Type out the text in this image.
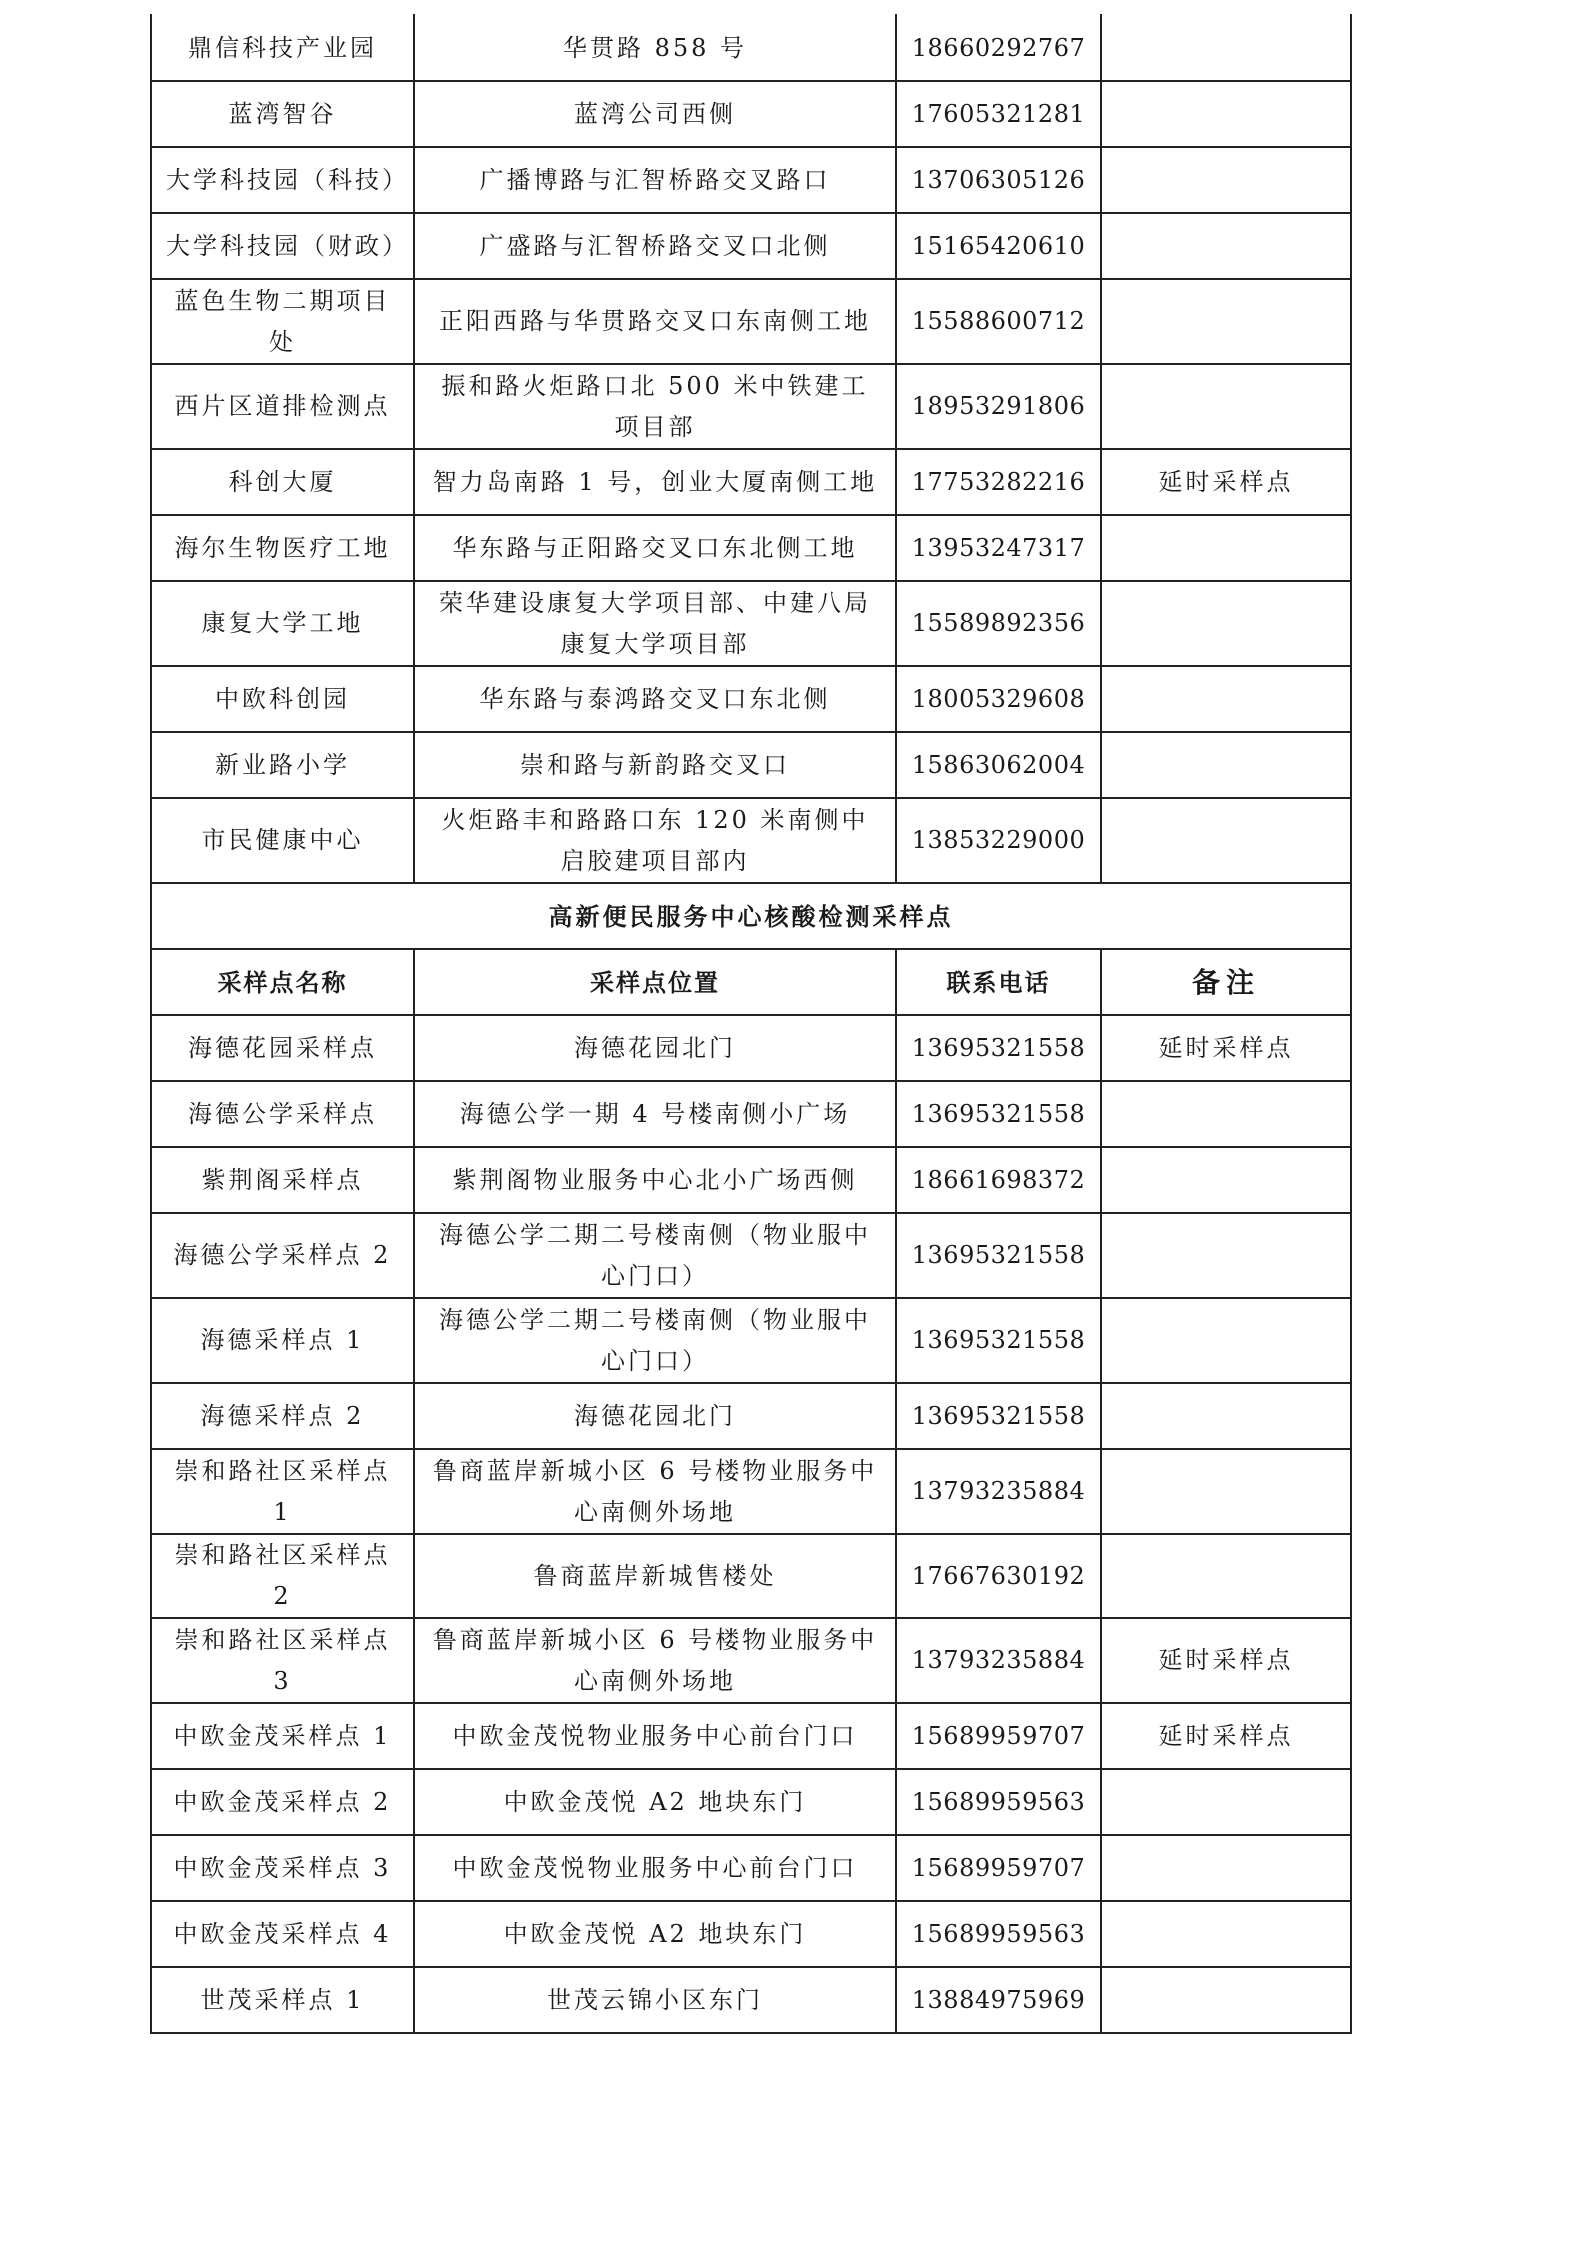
鼎信科技产业园	华贯路 858 号	18660292767	
蓝湾智谷	蓝湾公司西侧	17605321281	
大学科技园（科技）	广播博路与汇智桥路交叉路口	13706305126	
大学科技园（财政）	广盛路与汇智桥路交叉口北侧	15165420610	
蓝色生物二期项目处	正阳西路与华贯路交叉口东南侧工地	15588600712	
西片区道排检测点	振和路火炬路口北 500 米中铁建工项目部	18953291806	
科创大厦	智力岛南路 1 号，创业大厦南侧工地	17753282216	延时采样点
海尔生物医疗工地	华东路与正阳路交叉口东北侧工地	13953247317	
康复大学工地	荣华建设康复大学项目部、中建八局康复大学项目部	15589892356	
中欧科创园	华东路与泰鸿路交叉口东北侧	18005329608	
新业路小学	崇和路与新韵路交叉口	15863062004	
市民健康中心	火炬路丰和路路口东 120 米南侧中启胶建项目部内	13853229000	
高新便民服务中心核酸检测采样点			
采样点名称	采样点位置	联系电话	备注
海德花园采样点	海德花园北门	13695321558	延时采样点
海德公学采样点	海德公学一期 4 号楼南侧小广场	13695321558	
紫荆阁采样点	紫荆阁物业服务中心北小广场西侧	18661698372	
海德公学采样点 2	海德公学二期二号楼南侧（物业服中心门口）	13695321558	
海德采样点 1	海德公学二期二号楼南侧（物业服中心门口）	13695321558	
海德采样点 2	海德花园北门	13695321558	
崇和路社区采样点 1	鲁商蓝岸新城小区 6 号楼物业服务中心南侧外场地	13793235884	
崇和路社区采样点 2	鲁商蓝岸新城售楼处	17667630192	
崇和路社区采样点 3	鲁商蓝岸新城小区 6 号楼物业服务中心南侧外场地	13793235884	延时采样点
中欧金茂采样点 1	中欧金茂悦物业服务中心前台门口	15689959707	延时采样点
中欧金茂采样点 2	中欧金茂悦 A2 地块东门	15689959563	
中欧金茂采样点 3	中欧金茂悦物业服务中心前台门口	15689959707	
中欧金茂采样点 4	中欧金茂悦 A2 地块东门	15689959563	
世茂采样点 1	世茂云锦小区东门	13884975969	
